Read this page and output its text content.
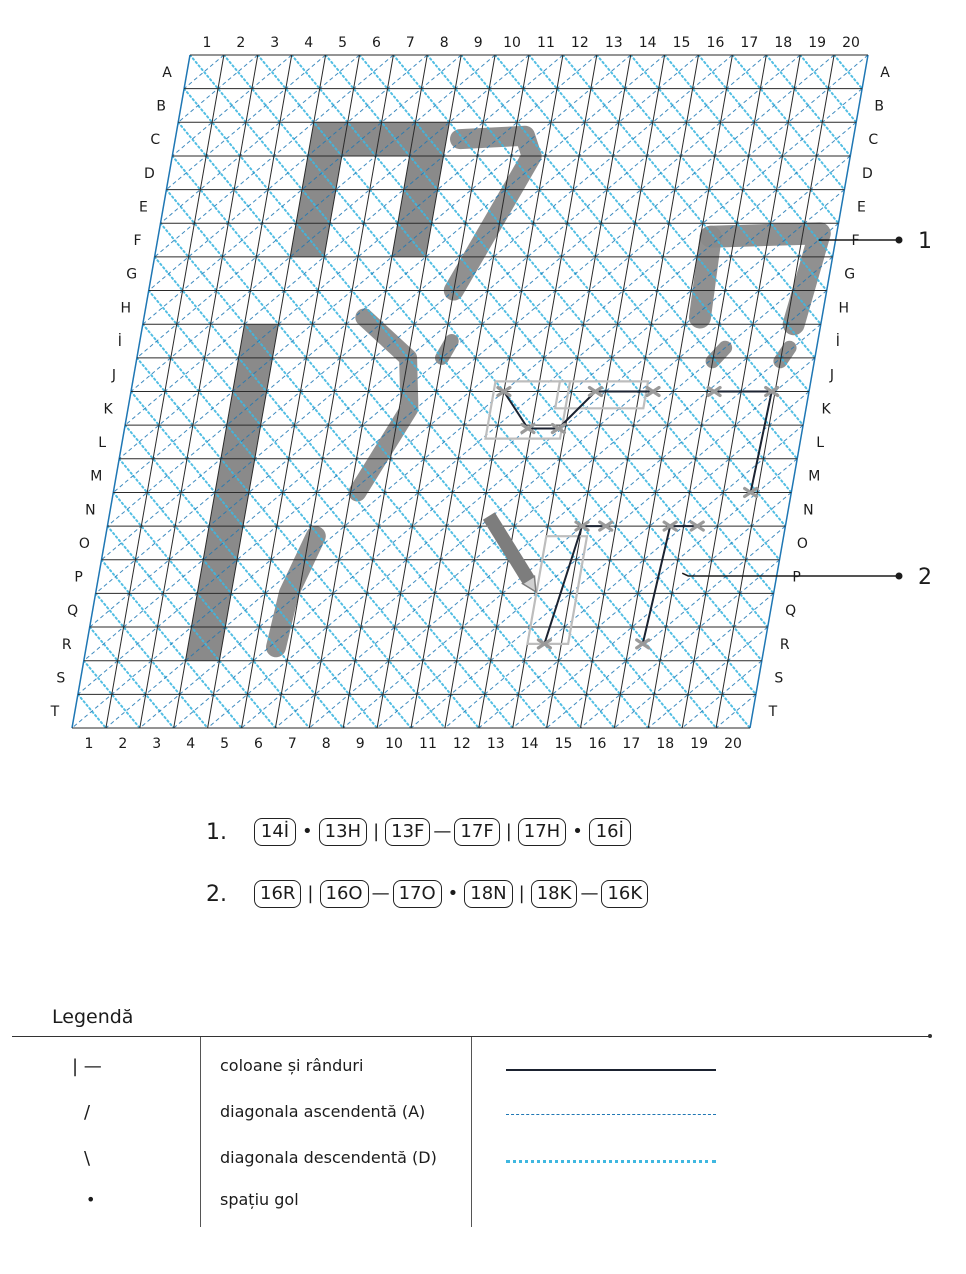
1
1
2
2
3
3
4
4
5
5
6
6
7
7
8
8
9
9
10
10
11
11
12
12
13
13
14
14
15
15
16
16
17
17
18
18
19
19
20
20
A	A
B	B
C	C
D	D
E	E
F	F
G	G
H	H
İ	İ
J	J
K	K
L	L
M	M
N	N
O	O
P	P
Q	Q
R	R
S	S
T	T
1
2
1.	14İ • 13H | 13F — 17F | 17H • 16İ
2.	16R | 16O — 17O • 18N | 18K — 16K
Legendă
| —	coloane și rânduri
/	diagonala ascendentă (A)
\	diagonala descendentă (D)
•	spațiu gol
